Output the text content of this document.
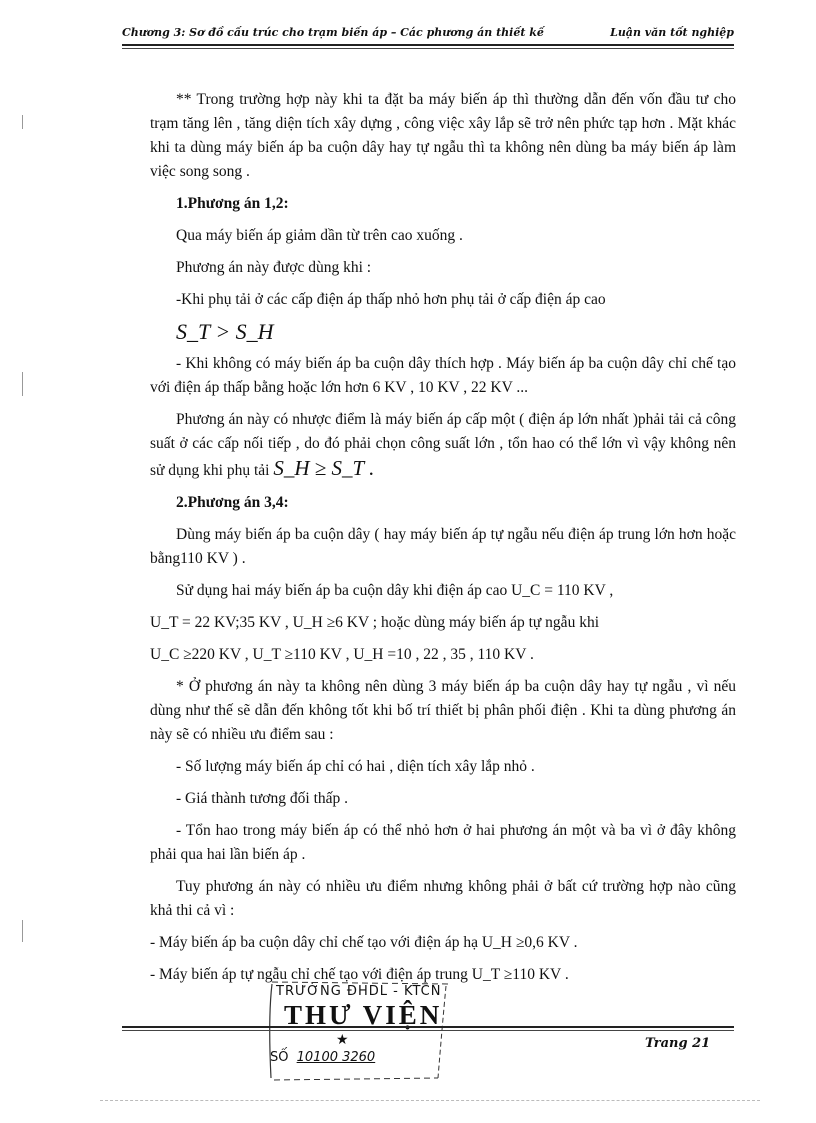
Chương 3: Sơ đồ cấu trúc cho trạm biến áp – Các phương án thiết kế	Luận văn tốt nghiệp

** Trong trường hợp này khi ta đặt ba máy biến áp thì thường dẫn đến vốn đầu tư cho trạm tăng lên , tăng diện tích xây dựng , công việc xây lắp sẽ trở nên phức tạp hơn . Mặt khác khi ta dùng máy biến áp ba cuộn dây hay tự ngẫu thì ta không nên dùng ba máy biến áp làm việc song song .

1.Phương án 1,2:

Qua máy biến áp giảm dần từ trên cao xuống .

Phương án này được dùng khi :

-Khi phụ tải ở các cấp điện áp thấp nhỏ hơn phụ tải ở cấp điện áp cao

S_T > S_H

- Khi không có máy biến áp ba cuộn dây thích hợp . Máy biến áp ba cuộn dây chỉ chế tạo với điện áp thấp bằng hoặc lớn hơn 6 KV , 10 KV , 22 KV ...

Phương án này có nhược điểm là máy biến áp cấp một ( điện áp lớn nhất )phải tải cả công suất ở các cấp nối tiếp , do đó phải chọn công suất lớn , tổn hao có thể lớn vì vậy không nên sử dụng khi phụ tải S_H ≥ S_T .

2.Phương án 3,4:

Dùng máy biến áp ba cuộn dây ( hay máy biến áp tự ngẫu nếu điện áp trung lớn hơn hoặc bằng110 KV ) .

Sử dụng hai máy biến áp ba cuộn dây khi điện áp cao U_C = 110 KV ,

U_T = 22 KV;35 KV , U_H ≥6 KV ; hoặc dùng máy biến áp tự ngẫu khi

U_C ≥220 KV , U_T ≥110 KV , U_H =10 , 22 , 35 , 110 KV .

* Ở phương án này ta không nên dùng 3 máy biến áp ba cuộn dây hay tự ngẫu , vì nếu dùng như thế sẽ dẫn đến không tốt khi bố trí thiết bị phân phối điện . Khi ta dùng phương án này sẽ có nhiều ưu điểm sau :

- Số lượng máy biến áp chỉ có hai , diện tích xây lắp nhỏ .

- Giá thành tương đối thấp .

- Tổn hao trong máy biến áp có thể nhỏ hơn ở hai phương án một và ba vì ở đây không phải qua hai lần biến áp .

Tuy phương án này có nhiều ưu điểm nhưng không phải ở bất cứ trường hợp nào cũng khả thi cả vì :

- Máy biến áp ba cuộn dây chỉ chế tạo với điện áp hạ U_H ≥0,6 KV .

- Máy biến áp tự ngẫu chỉ chế tạo với điện áp trung U_T ≥110 KV .

TRƯỜNG ĐHDL - KTCN
THƯ VIỆN
★
SỐ 10100 3260
Trang 21
